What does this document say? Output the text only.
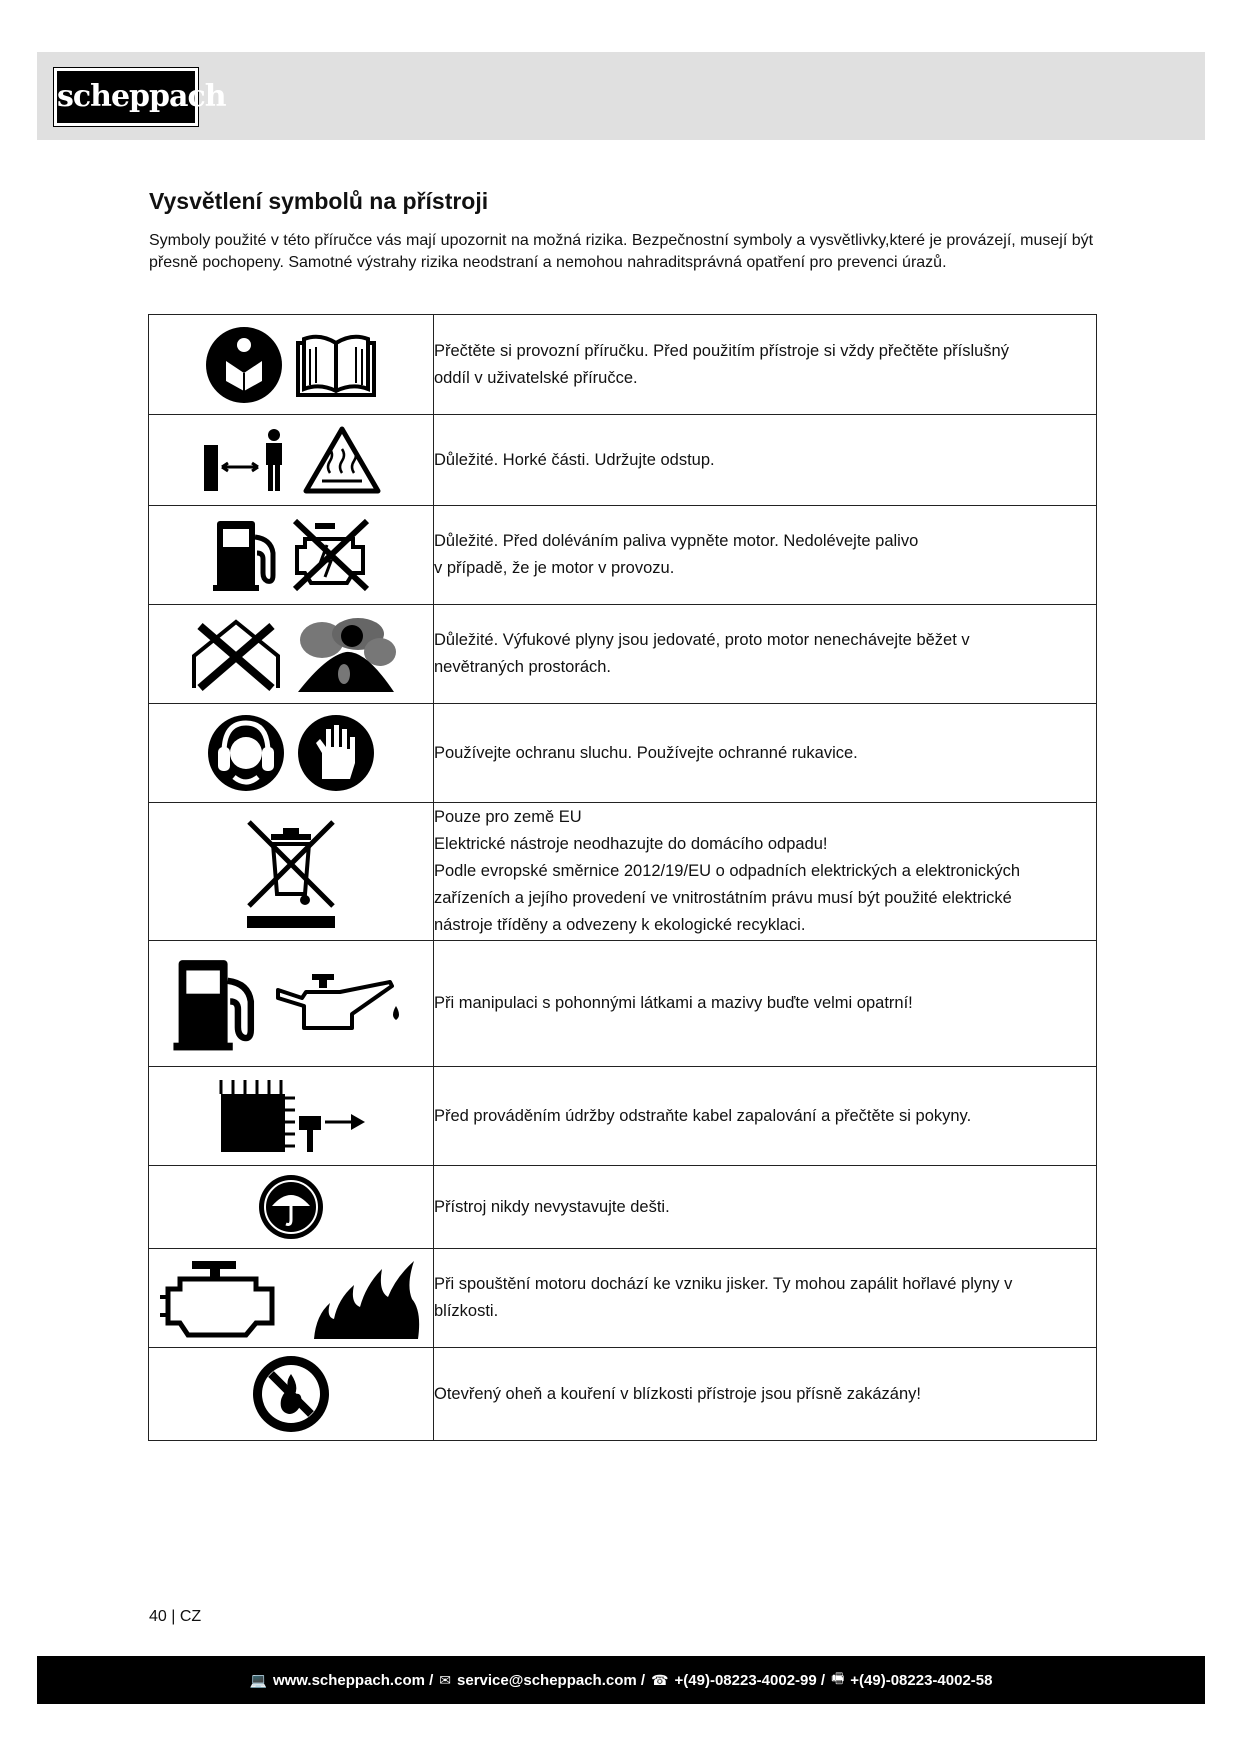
scheppach
Vysvětlení symbolů na přístroji

Symboly použité v této příručce vás mají upozornit na možná rizika. Bezpečnostní symboly a vysvětlivky,které je provázejí, musejí být přesně pochopeny. Samotné výstrahy rizika neodstraní a nemohou nahraditsprávná opatření pro prevenci úrazů.

Přečtěte si provozní příručku. Před použitím přístroje si vždy přečtěte příslušný
oddíl v uživatelské příručce.

Důležité. Horké části. Udržujte odstup.

Důležité. Před doléváním paliva vypněte motor. Nedolévejte palivo
v případě, že je motor v provozu.

Důležité. Výfukové plyny jsou jedovaté, proto motor nenechávejte běžet v
nevětraných prostorách.

Používejte ochranu sluchu. Používejte ochranné rukavice.

Pouze pro země EU
Elektrické nástroje neodhazujte do domácího odpadu!
Podle evropské směrnice 2012/19/EU o odpadních elektrických a elektronických
zařízeních a jejího provedení ve vnitrostátním právu musí být použité elektrické
nástroje tříděny a odvezeny k ekologické recyklaci.

Při manipulaci s pohonnými látkami a mazivy buďte velmi opatrní!

Před prováděním údržby odstraňte kabel zapalování a přečtěte si pokyny.

Přístroj nikdy nevystavujte dešti.

Při spouštění motoru dochází ke vzniku jisker. Ty mohou zapálit hořlavé plyny v
blízkosti.

Otevřený oheň a kouření v blízkosti přístroje jsou přísně zakázány!
40 | CZ
💻 www.scheppach.com / ✉ service@scheppach.com / ☎ +(49)-08223-4002-99 / 🖷 +(49)-08223-4002-58
